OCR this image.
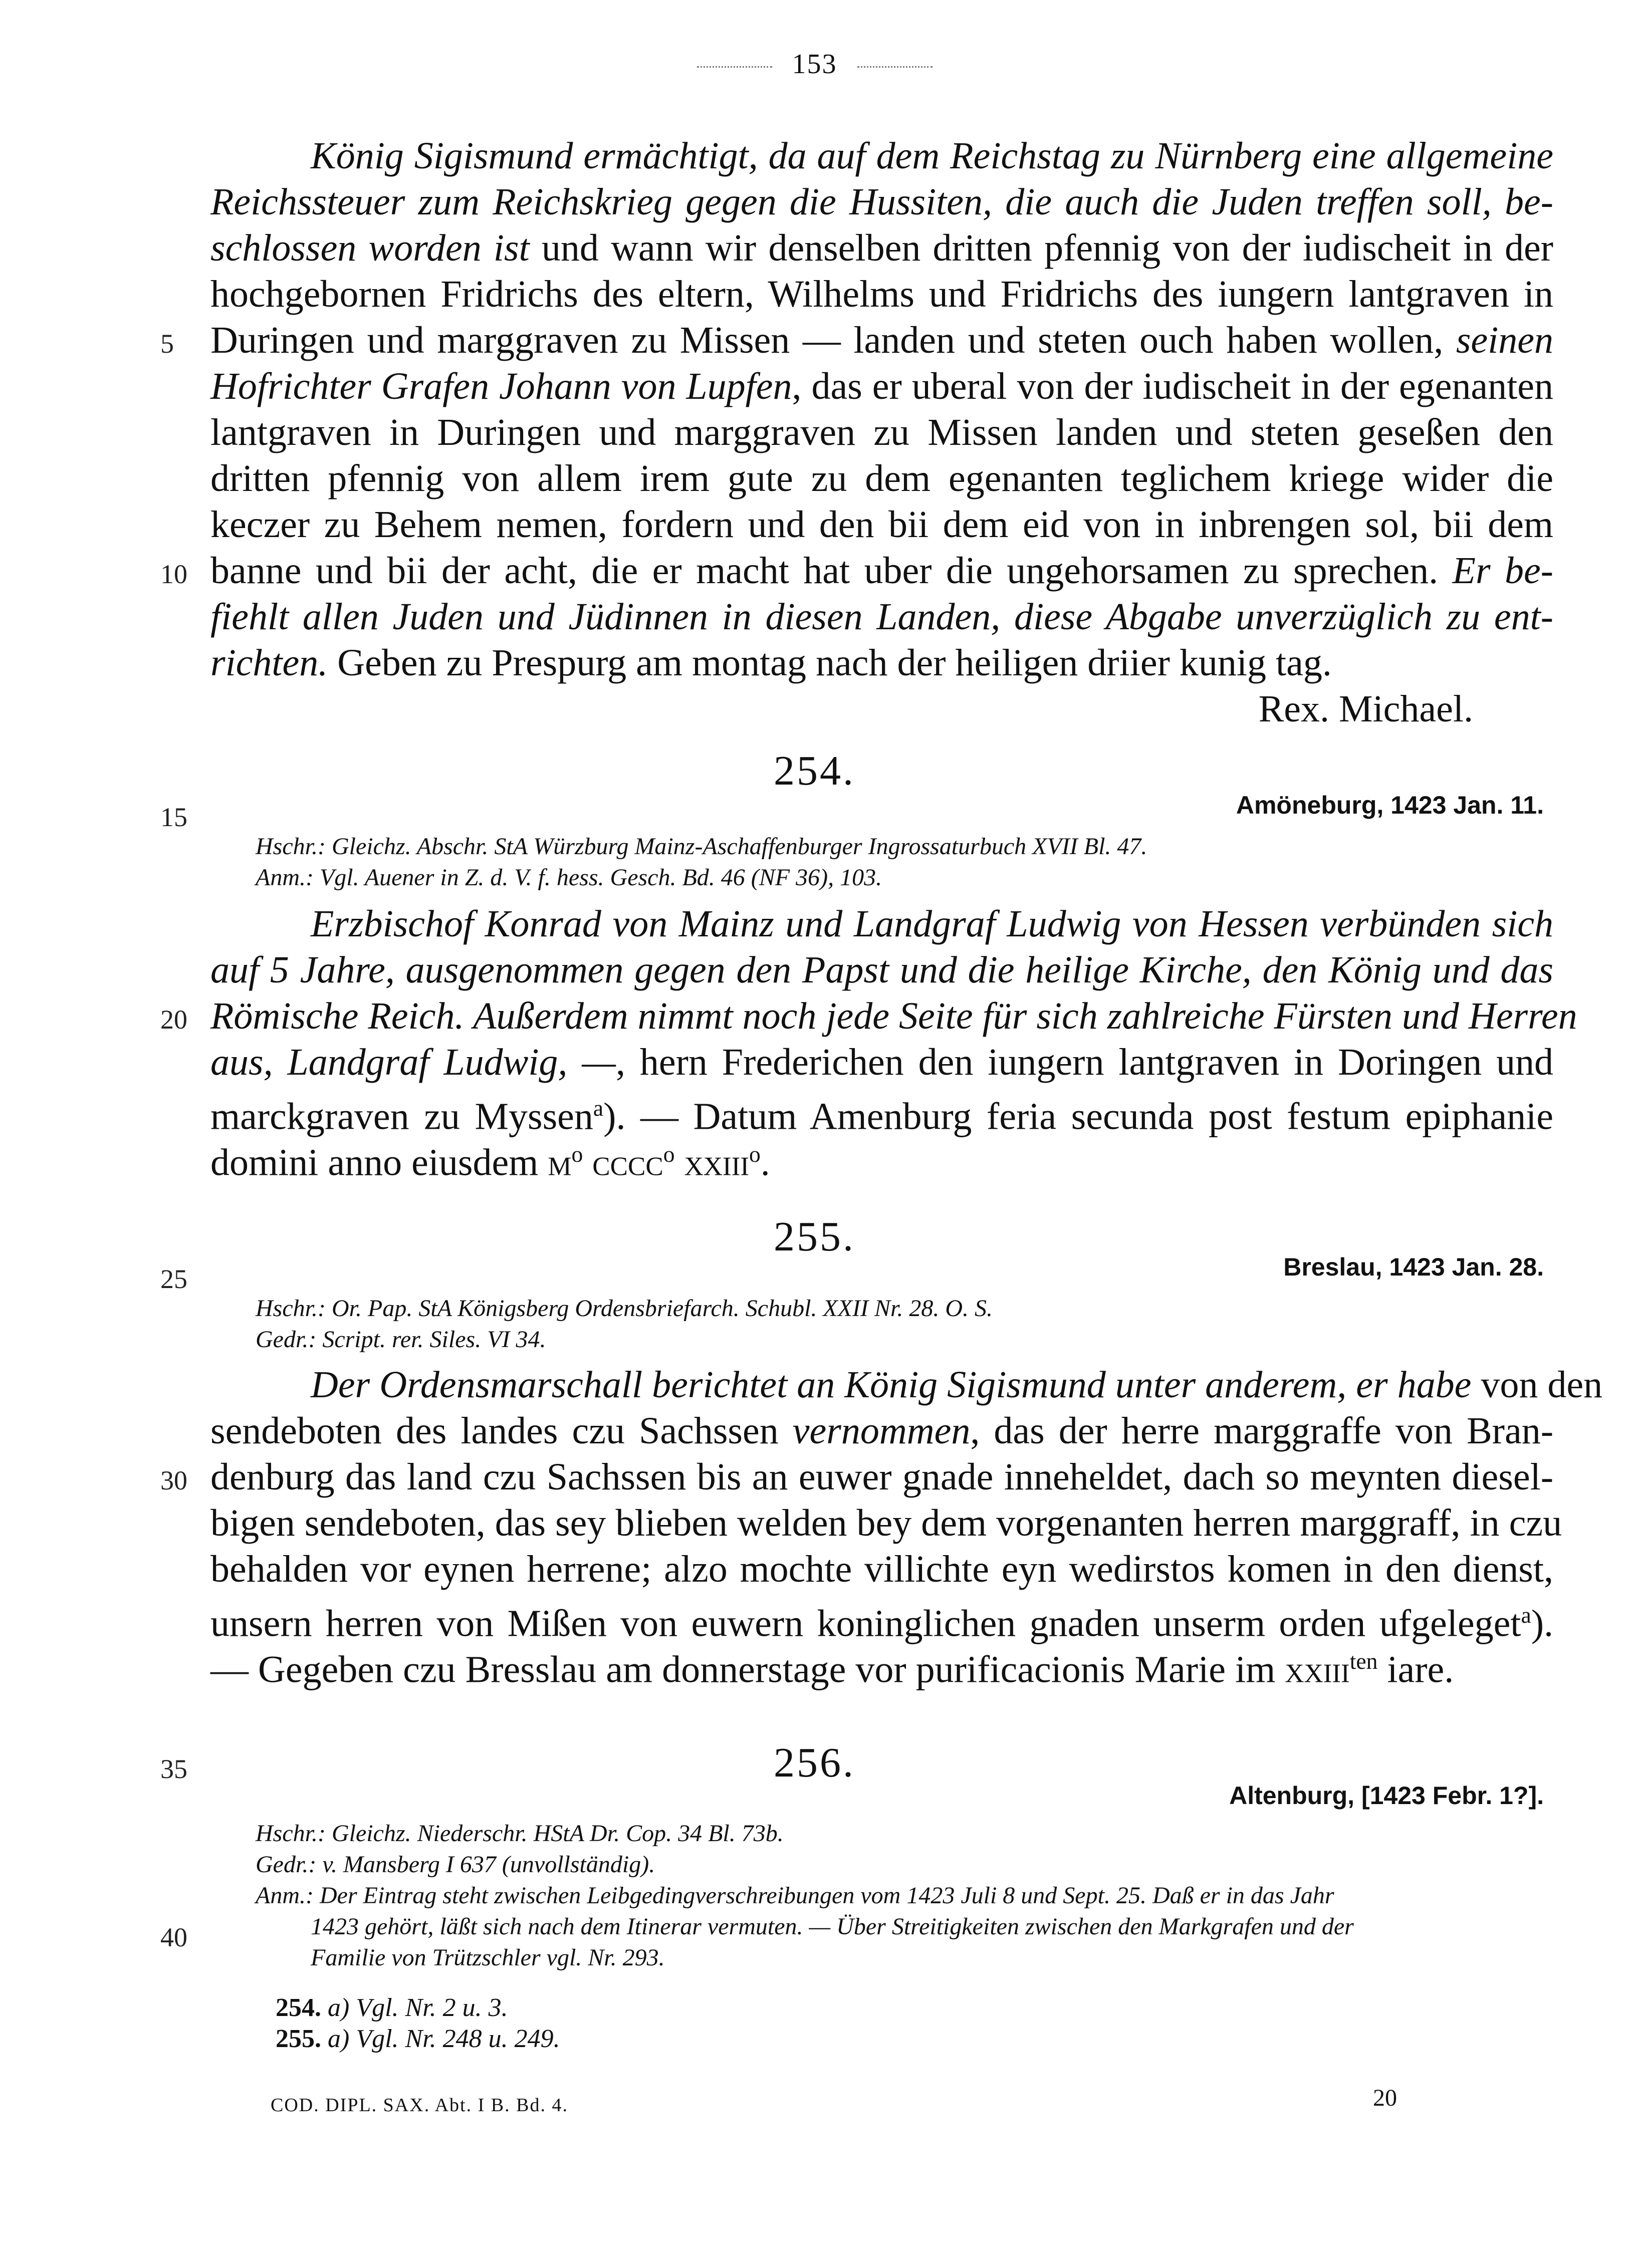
153
König Sigismund ermächtigt, da auf dem Reichstag zu Nürnberg eine allgemeine
Reichssteuer zum Reichskrieg gegen die Hussiten, die auch die Juden treffen soll, be-
schlossen worden ist und wann wir denselben dritten pfennig von der iudischeit in der
hochgebornen Fridrichs des eltern, Wilhelms und Fridrichs des iungern lantgraven in
Duringen und marggraven zu Missen — landen und steten ouch haben wollen, seinen
Hofrichter Grafen Johann von Lupfen, das er uberal von der iudischeit in der egenanten
lantgraven in Duringen und marggraven zu Missen landen und steten geseßen den
dritten pfennig von allem irem gute zu dem egenanten teglichem kriege wider die
keczer zu Behem nemen, fordern und den bii dem eid von in inbrengen sol, bii dem
banne und bii der acht, die er macht hat uber die ungehorsamen zu sprechen. Er be-
fiehlt allen Juden und Jüdinnen in diesen Landen, diese Abgabe unverzüglich zu ent-
richten. Geben zu Prespurg am montag nach der heiligen driier kunig tag.
Rex. Michael.
254.
Amöneburg, 1423 Jan. 11.
Hschr.: Gleichz. Abschr. StA Würzburg Mainz-Aschaffenburger Ingrossaturbuch XVII Bl. 47.
Anm.: Vgl. Auener in Z. d. V. f. hess. Gesch. Bd. 46 (NF 36), 103.
Erzbischof Konrad von Mainz und Landgraf Ludwig von Hessen verbünden sich
auf 5 Jahre, ausgenommen gegen den Papst und die heilige Kirche, den König und das
Römische Reich. Außerdem nimmt noch jede Seite für sich zahlreiche Fürsten und Herren
aus, Landgraf Ludwig, —, hern Frederichen den iungern lantgraven in Doringen und
marckgraven zu Myssen$^a$). — Datum Amenburg feria secunda post festum epiphanie
domini anno eiusdem $m^o$ cccc$^o$ xxiii$^o$.
255.
Breslau, 1423 Jan. 28.
Hschr.: Or. Pap. StA Königsberg Ordensbriefarch. Schubl. XXII Nr. 28. O. S.
Gedr.: Script. rer. Siles. VI 34.
Der Ordensmarschall berichtet an König Sigismund unter anderem, er habe von den
sendeboten des landes czu Sachssen vernommen, das der herre marggraffe von Bran-
denburg das land czu Sachssen bis an euwer gnade inneheldet, dach so meynten diesel-
bigen sendeboten, das sey blieben welden bey dem vorgenanten herren marggraff, in czu
behalden vor eynen herrene; alzo mochte villichte eyn wedirstos komen in den dienst,
unsern herren von Mißen von euwern koninglichen gnaden unserm orden ufgeleget$^a$).
— Gegeben czu Bresslau am donnerstage vor purificacionis Marie im xxiii$^{ten}$ iare.
256.
Altenburg, [1423 Febr. 1?].
Hschr.: Gleichz. Niederschr. HStA Dr. Cop. 34 Bl. 73b.
Gedr.: v. Mansberg I 637 (unvollständig).
Anm.: Der Eintrag steht zwischen Leibgedingverschreibungen vom 1423 Juli 8 und Sept. 25. Daß er in das Jahr
1423 gehört, läßt sich nach dem Itinerar vermuten. — Über Streitigkeiten zwischen den Markgrafen und der
Familie von Trützschler vgl. Nr. 293.
254. a) Vgl. Nr. 2 u. 3.
255. a) Vgl. Nr. 248 u. 249.
5
10
15
20
25
30
35
40
COD. DIPL. SAX. Abt. I B. Bd. 4.	20
